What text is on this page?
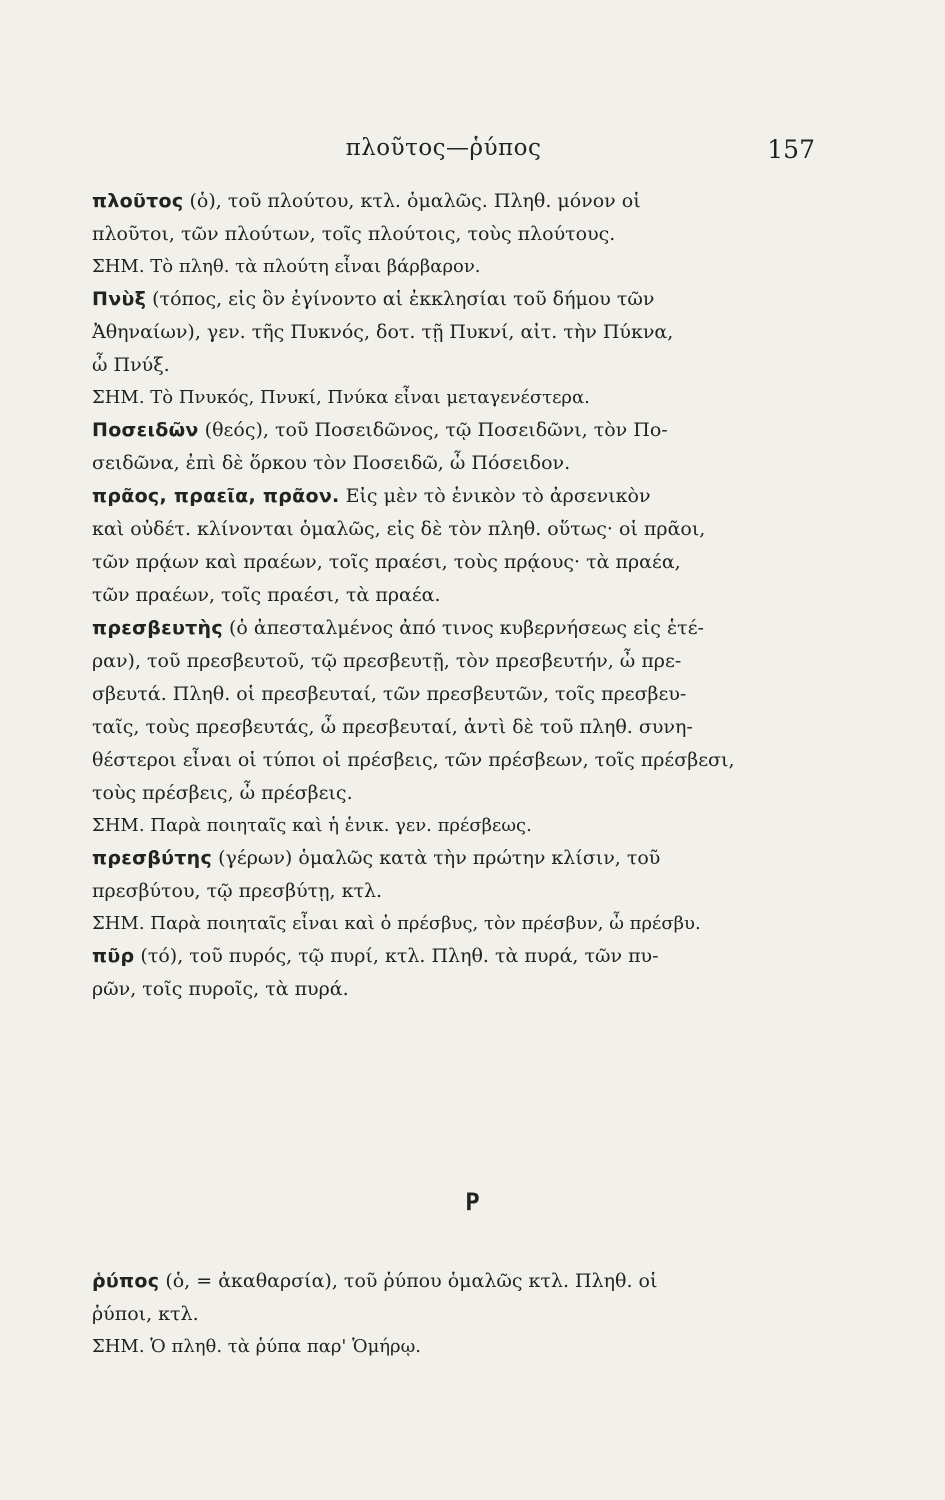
πλοῦτος—ῥύπος	157

πλοῦτος (ὁ), τοῦ πλούτου, κτλ. ὁμαλῶς. Πληθ. μόνον οἱ
πλοῦτοι, τῶν πλούτων, τοῖς πλούτοις, τοὺς πλούτους.

ΣΗΜ. Τὸ πληθ. τὰ πλούτη εἶναι βάρβαρον.

Πνὺξ (τόπος, εἰς ὃν ἐγίνοντο αἱ ἐκκλησίαι τοῦ δήμου τῶν
Ἀθηναίων), γεν. τῆς Πυκνός, δοτ. τῇ Πυκνί, αἰτ. τὴν Πύκνα,
ὦ Πνύξ.

ΣΗΜ. Τὸ Πνυκός, Πνυκί, Πνύκα εἶναι μεταγενέστερα.

Ποσειδῶν (θεός), τοῦ Ποσειδῶνος, τῷ Ποσειδῶνι, τὸν Πο-
σειδῶνα, ἐπὶ δὲ ὅρκου τὸν Ποσειδῶ, ὦ Πόσειδον.

πρᾶος, πραεῖα, πρᾶον. Εἰς μὲν τὸ ἑνικὸν τὸ ἀρσενικὸν
καὶ οὐδέτ. κλίνονται ὁμαλῶς, εἰς δὲ τὸν πληθ. οὕτως· οἱ πρᾶοι,
τῶν πρᾴων καὶ πραέων, τοῖς πραέσι, τοὺς πρᾴους· τὰ πραέα,
τῶν πραέων, τοῖς πραέσι, τὰ πραέα.

πρεσβευτὴς (ὁ ἀπεσταλμένος ἀπό τινος κυβερνήσεως εἰς ἑτέ-
ραν), τοῦ πρεσβευτοῦ, τῷ πρεσβευτῇ, τὸν πρεσβευτήν, ὦ πρε-
σβευτά. Πληθ. οἱ πρεσβευταί, τῶν πρεσβευτῶν, τοῖς πρεσβευ-
ταῖς, τοὺς πρεσβευτάς, ὦ πρεσβευταί, ἀντὶ δὲ τοῦ πληθ. συνη-
θέστεροι εἶναι οἱ τύποι οἱ πρέσβεις, τῶν πρέσβεων, τοῖς πρέσβεσι,
τοὺς πρέσβεις, ὦ πρέσβεις.

ΣΗΜ. Παρὰ ποιηταῖς καὶ ἡ ἑνικ. γεν. πρέσβεως.

πρεσβύτης (γέρων) ὁμαλῶς κατὰ τὴν πρώτην κλίσιν, τοῦ
πρεσβύτου, τῷ πρεσβύτῃ, κτλ.

ΣΗΜ. Παρὰ ποιηταῖς εἶναι καὶ ὁ πρέσβυς, τὸν πρέσβυν, ὦ πρέσβυ.

πῦρ (τό), τοῦ πυρός, τῷ πυρί, κτλ. Πληθ. τὰ πυρά, τῶν πυ-
ρῶν, τοῖς πυροῖς, τὰ πυρά.

Ρ

ῥύπος (ὁ, = ἀκαθαρσία), τοῦ ῥύπου ὁμαλῶς κτλ. Πληθ. οἱ
ῥύποι, κτλ.

ΣΗΜ. Ὁ πληθ. τὰ ῥύπα παρ' Ὁμήρῳ.
